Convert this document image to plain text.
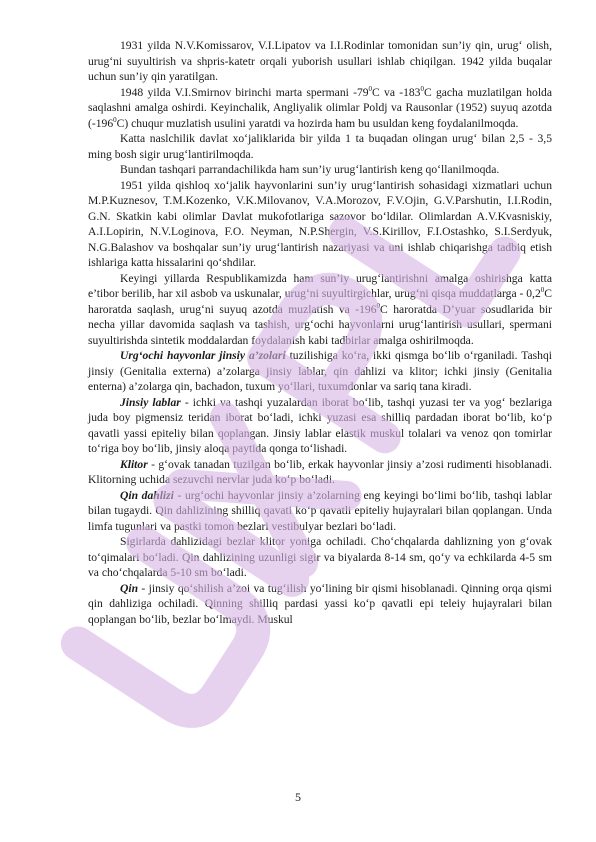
1931 yilda N.V.Komissarov, V.I.Lipatov va I.I.Rodinlar tomonidan sun’iy qin, urug‘ olish, urug‘ni suyultirish va shpris-katetr orqali yuborish usullari ishlab chiqilgan. 1942 yilda buqalar uchun sun’iy qin yaratilgan.

1948 yilda V.I.Smirnov birinchi marta spermani $-79^0C$ va $-183^0C$ gacha muzlatilgan holda saqlashni amalga oshirdi. Keyinchalik, Angliyalik olimlar Poldj va Rausonlar (1952) suyuq azotda $(-196^0C)$ chuqur muzlatish usulini yaratdi va hozirda ham bu usuldan keng foydalanilmoqda.

Katta naslchilik davlat xo‘jaliklarida bir yilda 1 ta buqadan olingan urug‘ bilan 2,5 - 3,5 ming bosh sigir urug‘lantirilmoqda.

Bundan tashqari parrandachilikda ham sun’iy urug‘lantirish keng qo‘llanilmoqda.

1951 yilda qishloq xo‘jalik hayvonlarini sun’iy urug‘lantirish sohasidagi xizmatlari uchun M.P.Kuznesov, T.M.Kozenko, V.K.Milovanov, V.A.Morozov, F.V.Ojin, G.V.Parshutin, I.I.Rodin, G.N. Skatkin kabi olimlar Davlat mukofotlariga sazovor bo‘ldilar. Olimlardan A.V.Kvasniskiy, A.I.Lopirin, N.V.Loginova, F.O. Neyman, N.P.Shergin, V.S.Kirillov, F.I.Ostashko, S.I.Serdyuk, N.G.Balashov va boshqalar sun’iy urug‘lantirish nazariyasi va uni ishlab chiqarishga tadbiq etish ishlariga katta hissalarini qo‘shdilar.

Keyingi yillarda Respublikamizda ham sun’iy urug‘lantirishni amalga oshirishga katta e’tibor berilib, har xil asbob va uskunalar, urug‘ni suyultirgichlar, urug‘ni qisqa muddatlarga - $0,2^0C$ haroratda saqlash, urug‘ni suyuq azotda muzlatish va $-196^0C$ haroratda D’yuar sosudlarida bir necha yillar davomida saqlash va tashish, urg‘ochi hayvonlarni urug‘lantirish usullari, spermani suyultirishda sintetik moddalardan foydalanish kabi tadbirlar amalga oshirilmoqda.

Urg‘ochi hayvonlar jinsiy a’zolari tuzilishiga ko‘ra, ikki qismga bo‘lib o‘rganiladi. Tashqi jinsiy (Genitalia externa) a’zolarga jinsiy lablar, qin dahlizi va klitor; ichki jinsiy (Genitalia enterna) a’zolarga qin, bachadon, tuxum yo‘llari, tuxumdonlar va sariq tana kiradi.

Jinsiy lablar - ichki va tashqi yuzalardan iborat bo‘lib, tashqi yuzasi ter va yog‘ bezlariga juda boy pigmensiz teridan iborat bo‘ladi, ichki yuzasi esa shilliq pardadan iborat bo‘lib, ko‘p qavatli yassi epiteliy bilan qoplangan. Jinsiy lablar elastik muskul tolalari va venoz qon tomirlar to‘riga boy bo‘lib, jinsiy aloqa paytida qonga to‘lishadi.

Klitor - g‘ovak tanadan tuzilgan bo‘lib, erkak hayvonlar jinsiy a’zosi rudimenti hisoblanadi. Klitorning uchida sezuvchi nervlar juda ko‘p bo‘ladi.

Qin dahlizi - urg‘ochi hayvonlar jinsiy a’zolarning eng keyingi bo‘limi bo‘lib, tashqi lablar bilan tugaydi. Qin dahlizining shilliq qavati ko‘p qavatli epiteliy hujayralari bilan qoplangan. Unda limfa tugunlari va pastki tomon bezlari vestibulyar bezlari bo‘ladi.

Sigirlarda dahlizidagi bezlar klitor yoniga ochiladi. Cho‘chqalarda dahlizning yon g‘ovak to‘qimalari bo‘ladi. Qin dahlizining uzunligi sigir va biyalarda 8-14 sm, qo‘y va echkilarda 4-5 sm va cho‘chqalarda 5-10 sm bo‘ladi.

Qin - jinsiy qo‘shilish a’zoi va tug‘ilish yo‘lining bir qismi hisoblanadi. Qinning orqa qismi qin dahliziga ochiladi. Qinning shilliq pardasi yassi ko‘p qavatli epi teleiy hujayralari bilan qoplangan bo‘lib, bezlar bo‘lmaydi. Muskul

5
